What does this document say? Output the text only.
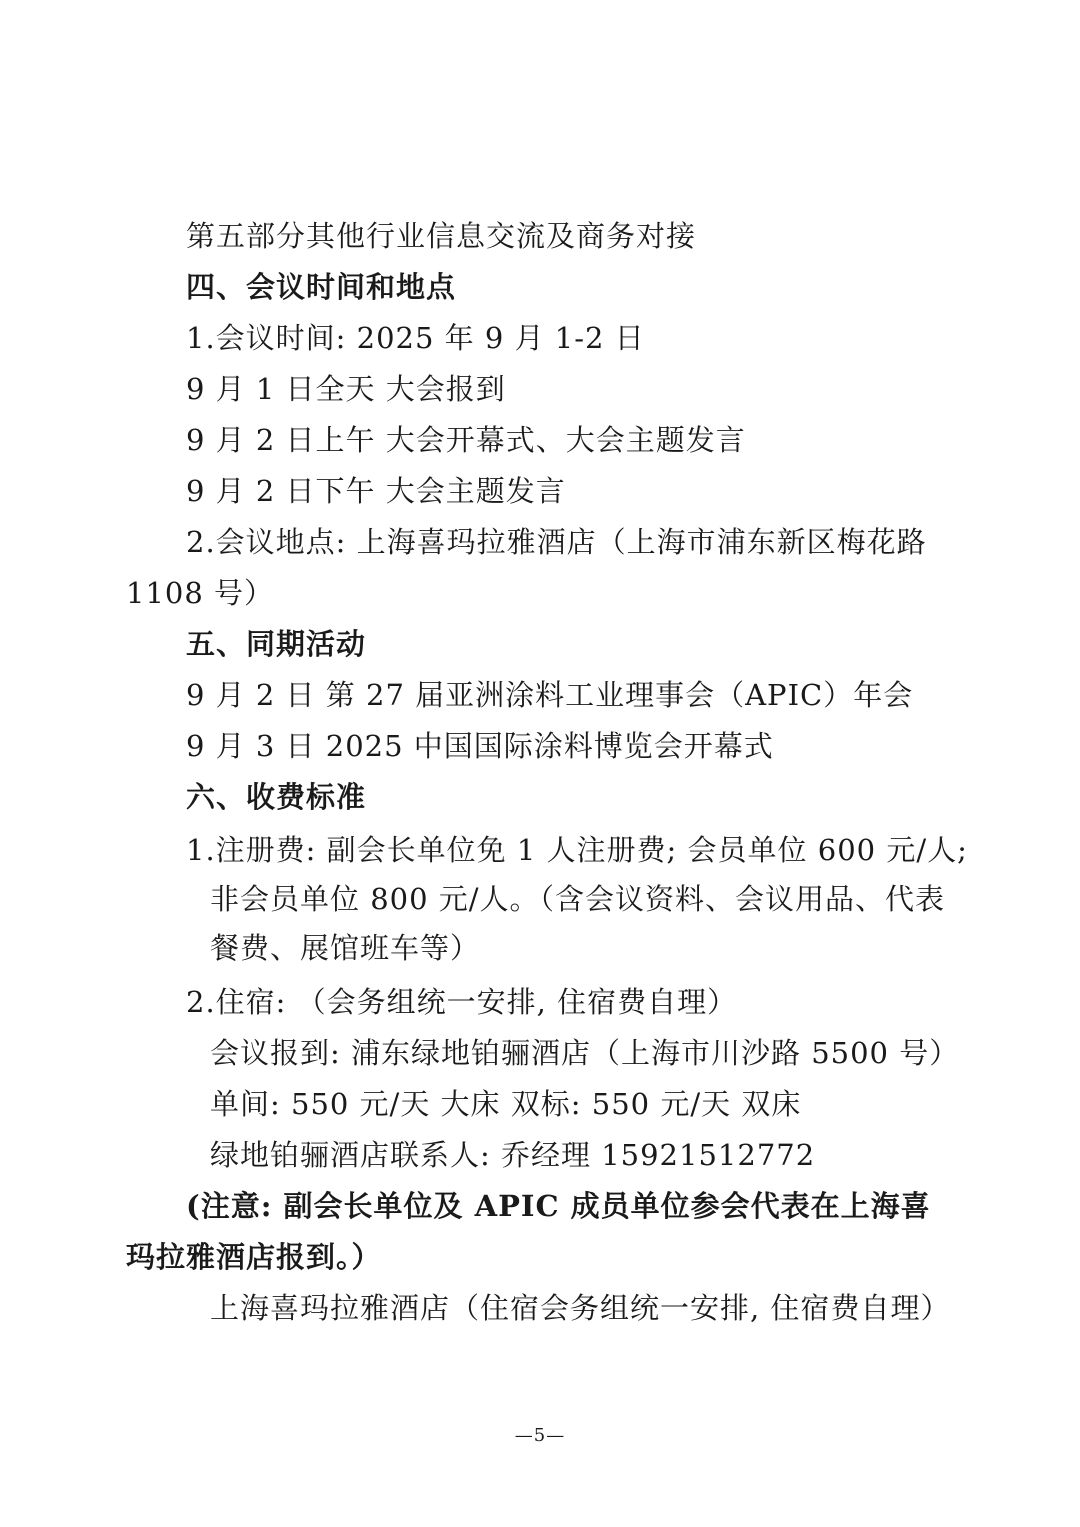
第五部分其他行业信息交流及商务对接
四、会议时间和地点
1.会议时间: 2025 年 9 月 1-2 日
9 月 1 日全天 大会报到
9 月 2 日上午 大会开幕式、大会主题发言
9 月 2 日下午 大会主题发言
2.会议地点: 上海喜玛拉雅酒店（上海市浦东新区梅花路
1108 号）
五、同期活动
9 月 2 日 第 27 届亚洲涂料工业理事会（APIC）年会
9 月 3 日 2025 中国国际涂料博览会开幕式
六、收费标准
1.注册费: 副会长单位免 1 人注册费; 会员单位 600 元/人;
非会员单位 800 元/人。（含会议资料、会议用品、代表
餐费、展馆班车等）
2.住宿: （会务组统一安排, 住宿费自理）
会议报到: 浦东绿地铂骊酒店（上海市川沙路 5500 号）
单间: 550 元/天 大床 双标: 550 元/天 双床
绿地铂骊酒店联系人: 乔经理 15921512772
(注意: 副会长单位及 APIC 成员单位参会代表在上海喜
玛拉雅酒店报到。）
上海喜玛拉雅酒店（住宿会务组统一安排, 住宿费自理）
—5—
